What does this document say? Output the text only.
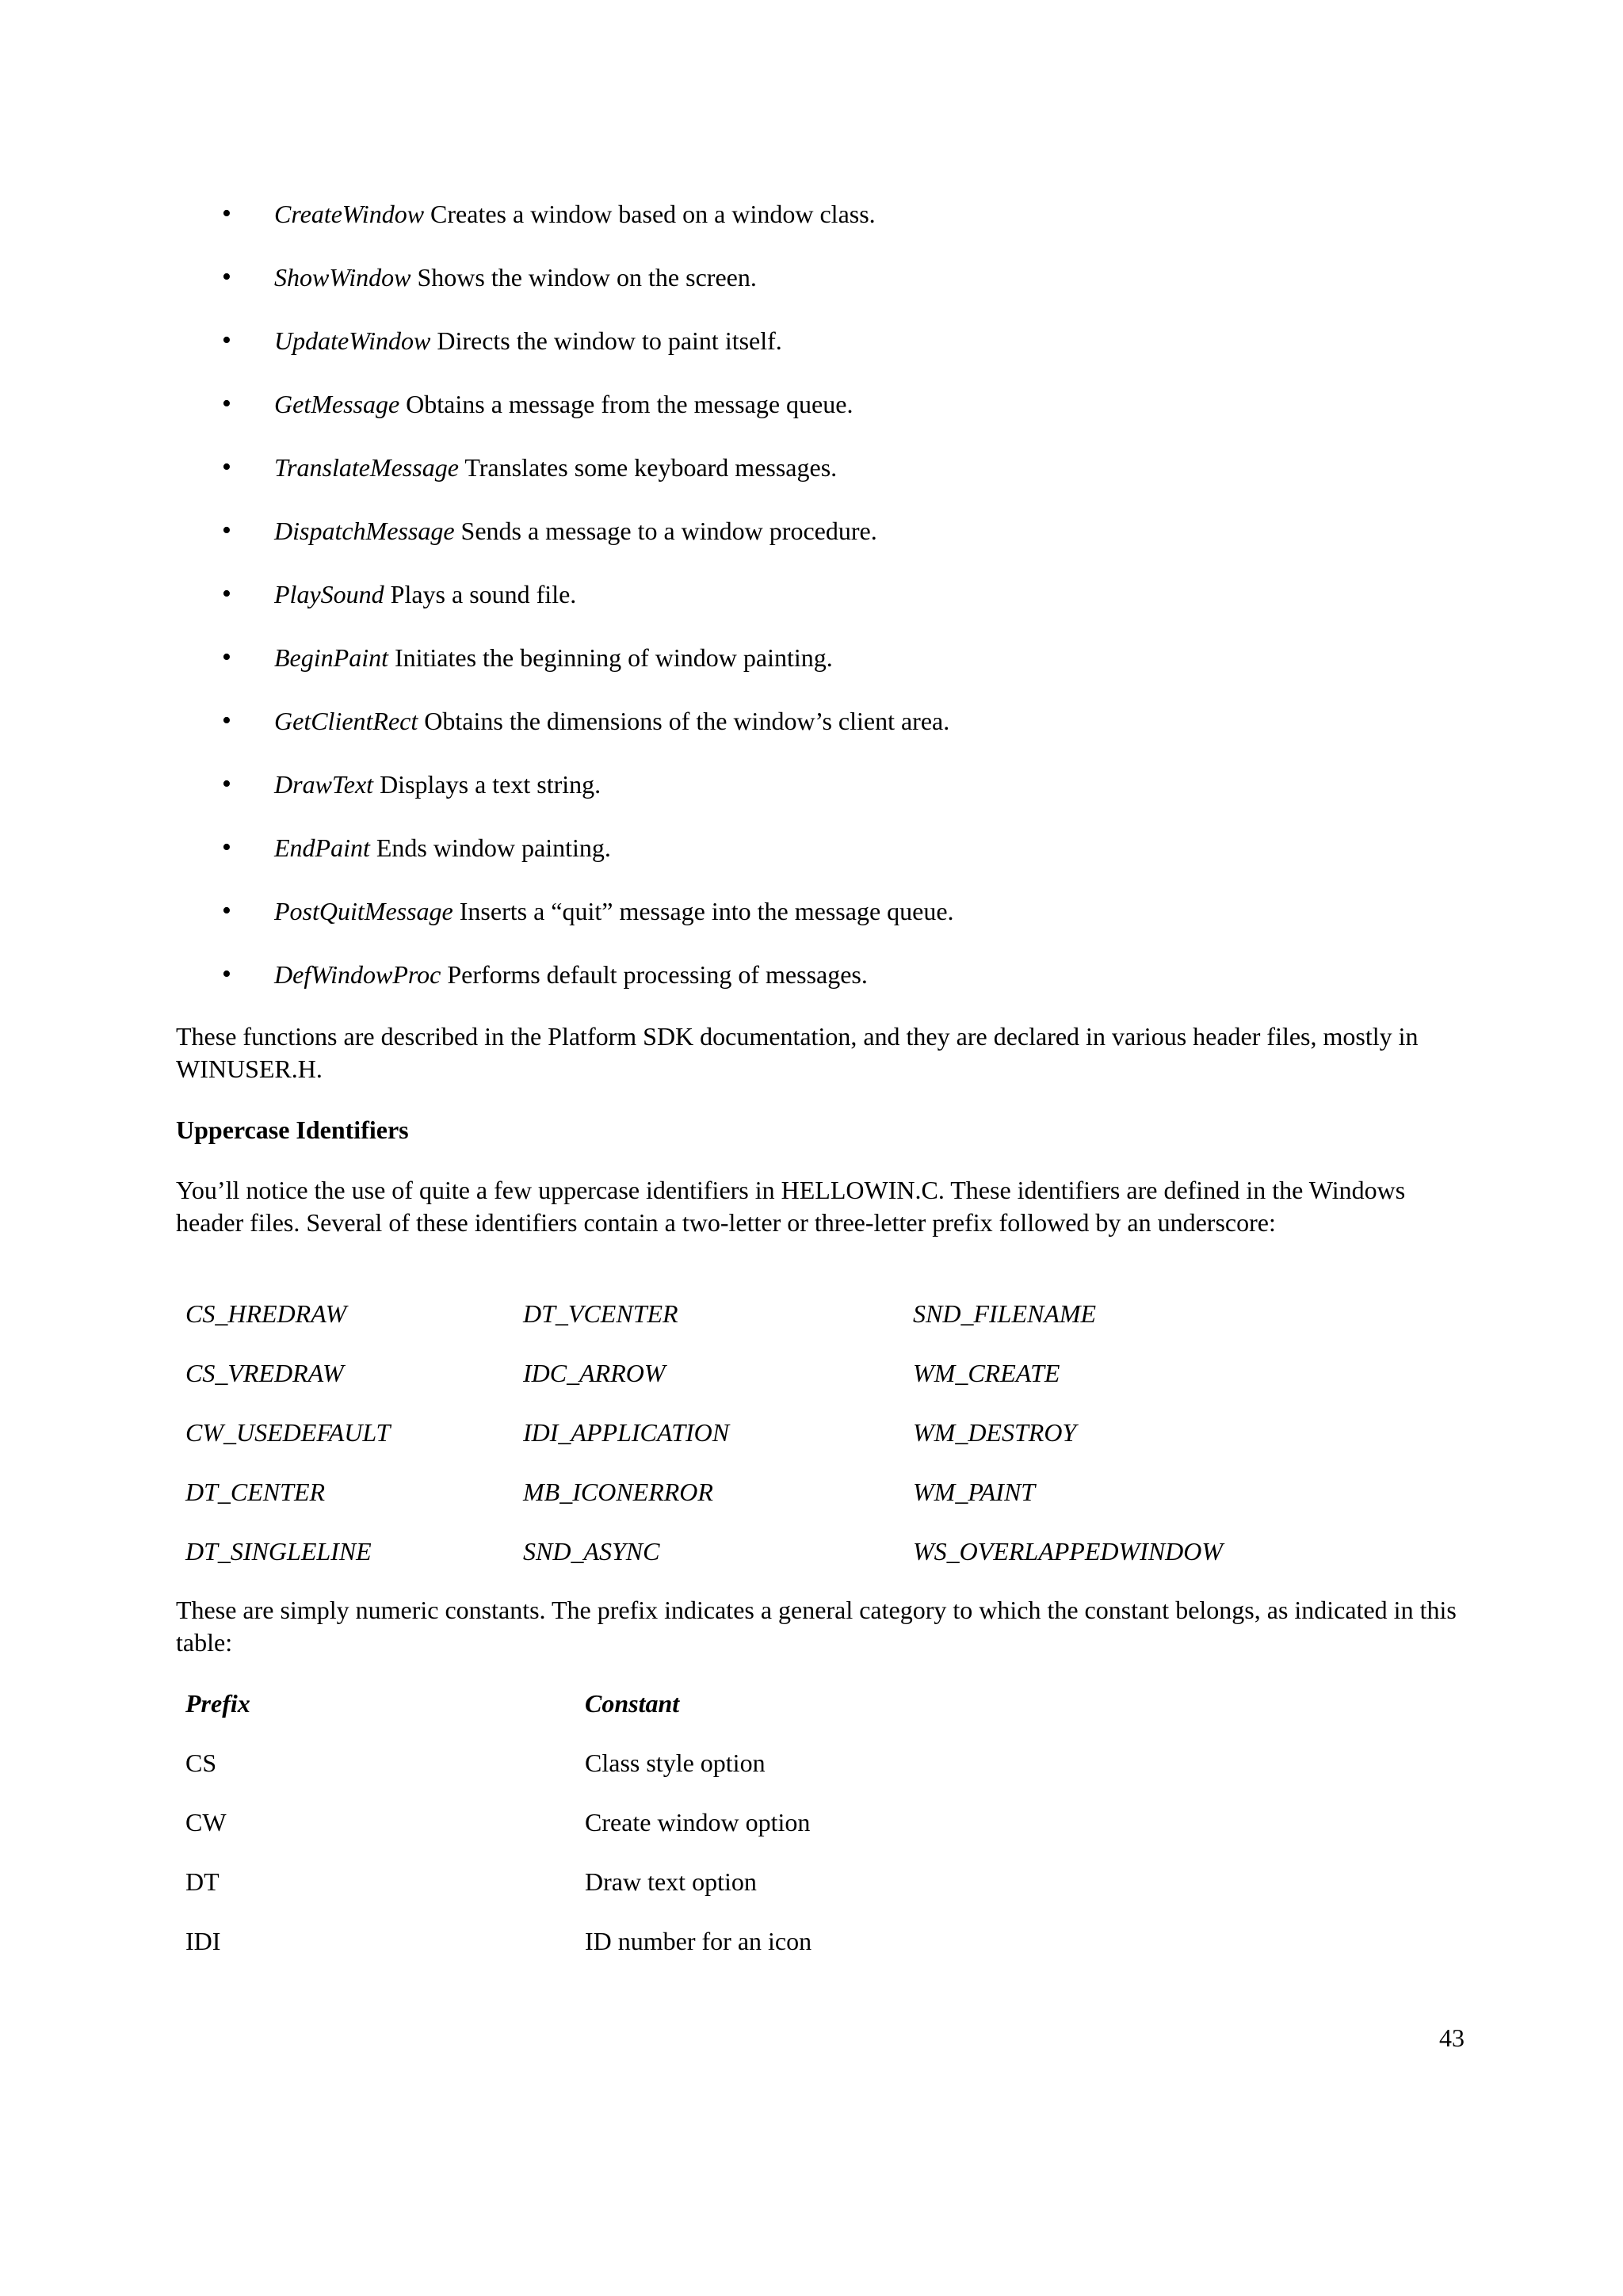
• CreateWindow Creates a window based on a window class.
• ShowWindow Shows the window on the screen.
• UpdateWindow Directs the window to paint itself.
• GetMessage Obtains a message from the message queue.
• TranslateMessage Translates some keyboard messages.
• DispatchMessage Sends a message to a window procedure.
• PlaySound Plays a sound file.
• BeginPaint Initiates the beginning of window painting.
• GetClientRect Obtains the dimensions of the window’s client area.
• DrawText Displays a text string.
• EndPaint Ends window painting.
• PostQuitMessage Inserts a “quit” message into the message queue.
• DefWindowProc Performs default processing of messages.

These functions are described in the Platform SDK documentation, and they are declared in various header files, mostly in WINUSER.H.

Uppercase Identifiers

You’ll notice the use of quite a few uppercase identifiers in HELLOWIN.C. These identifiers are defined in the Windows header files. Several of these identifiers contain a two-letter or three-letter prefix followed by an underscore:

CS_HREDRAW	DT_VCENTER	SND_FILENAME
CS_VREDRAW	IDC_ARROW	WM_CREATE
CW_USEDEFAULT	IDI_APPLICATION	WM_DESTROY
DT_CENTER	MB_ICONERROR	WM_PAINT
DT_SINGLELINE	SND_ASYNC	WS_OVERLAPPEDWINDOW

These are simply numeric constants. The prefix indicates a general category to which the constant belongs, as indicated in this table:

Prefix	Constant
CS	Class style option
CW	Create window option
DT	Draw text option
IDI	ID number for an icon
43
